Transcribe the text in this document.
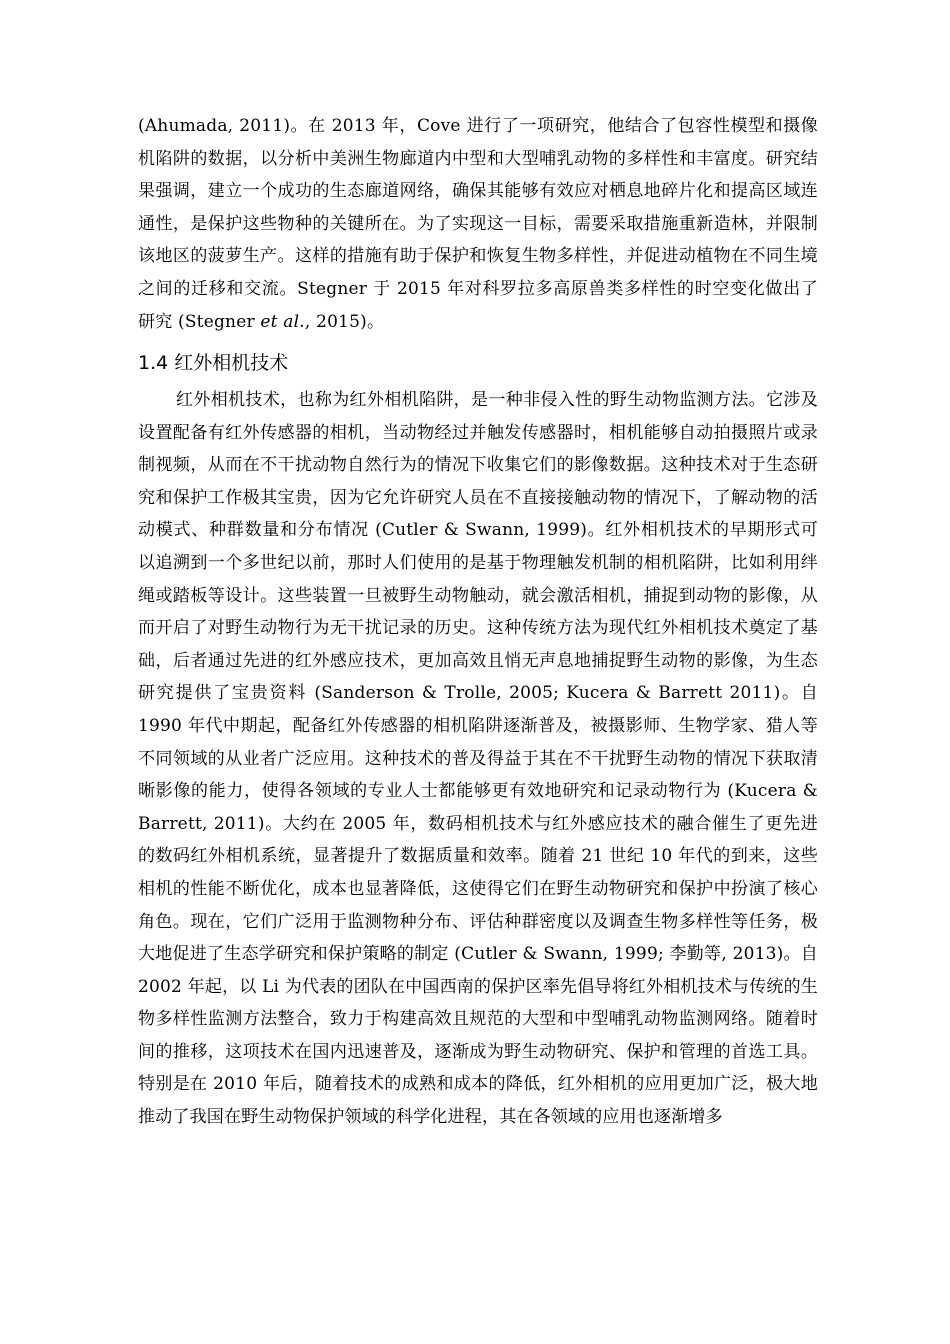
(Ahumada, 2011)。在 2013 年，Cove 进行了一项研究，他结合了包容性模型和摄像机陷阱的数据，以分析中美洲生物廊道内中型和大型哺乳动物的多样性和丰富度。研究结果强调，建立一个成功的生态廊道网络，确保其能够有效应对栖息地碎片化和提高区域连通性，是保护这些物种的关键所在。为了实现这一目标，需要采取措施重新造林，并限制该地区的菠萝生产。这样的措施有助于保护和恢复生物多样性，并促进动植物在不同生境之间的迁移和交流。Stegner 于 2015 年对科罗拉多高原兽类多样性的时空变化做出了研究 (Stegner et al., 2015)。

1.4 红外相机技术

红外相机技术，也称为红外相机陷阱，是一种非侵入性的野生动物监测方法。它涉及设置配备有红外传感器的相机，当动物经过并触发传感器时，相机能够自动拍摄照片或录制视频，从而在不干扰动物自然行为的情况下收集它们的影像数据。这种技术对于生态研究和保护工作极其宝贵，因为它允许研究人员在不直接接触动物的情况下，了解动物的活动模式、种群数量和分布情况 (Cutler & Swann, 1999)。红外相机技术的早期形式可以追溯到一个多世纪以前，那时人们使用的是基于物理触发机制的相机陷阱，比如利用绊绳或踏板等设计。这些装置一旦被野生动物触动，就会激活相机，捕捉到动物的影像，从而开启了对野生动物行为无干扰记录的历史。这种传统方法为现代红外相机技术奠定了基础，后者通过先进的红外感应技术，更加高效且悄无声息地捕捉野生动物的影像，为生态研究提供了宝贵资料 (Sanderson & Trolle, 2005; Kucera & Barrett 2011)。自 1990 年代中期起，配备红外传感器的相机陷阱逐渐普及，被摄影师、生物学家、猎人等不同领域的从业者广泛应用。这种技术的普及得益于其在不干扰野生动物的情况下获取清晰影像的能力，使得各领域的专业人士都能够更有效地研究和记录动物行为 (Kucera & Barrett, 2011)。大约在 2005 年，数码相机技术与红外感应技术的融合催生了更先进的数码红外相机系统，显著提升了数据质量和效率。随着 21 世纪 10 年代的到来，这些相机的性能不断优化，成本也显著降低，这使得它们在野生动物研究和保护中扮演了核心角色。现在，它们广泛用于监测物种分布、评估种群密度以及调查生物多样性等任务，极大地促进了生态学研究和保护策略的制定 (Cutler & Swann, 1999; 李勤等, 2013)。自 2002 年起，以 Li 为代表的团队在中国西南的保护区率先倡导将红外相机技术与传统的生物多样性监测方法整合，致力于构建高效且规范的大型和中型哺乳动物监测网络。随着时间的推移，这项技术在国内迅速普及，逐渐成为野生动物研究、保护和管理的首选工具。特别是在 2010 年后，随着技术的成熟和成本的降低，红外相机的应用更加广泛，极大地推动了我国在野生动物保护领域的科学化进程，其在各领域的应用也逐渐增多
